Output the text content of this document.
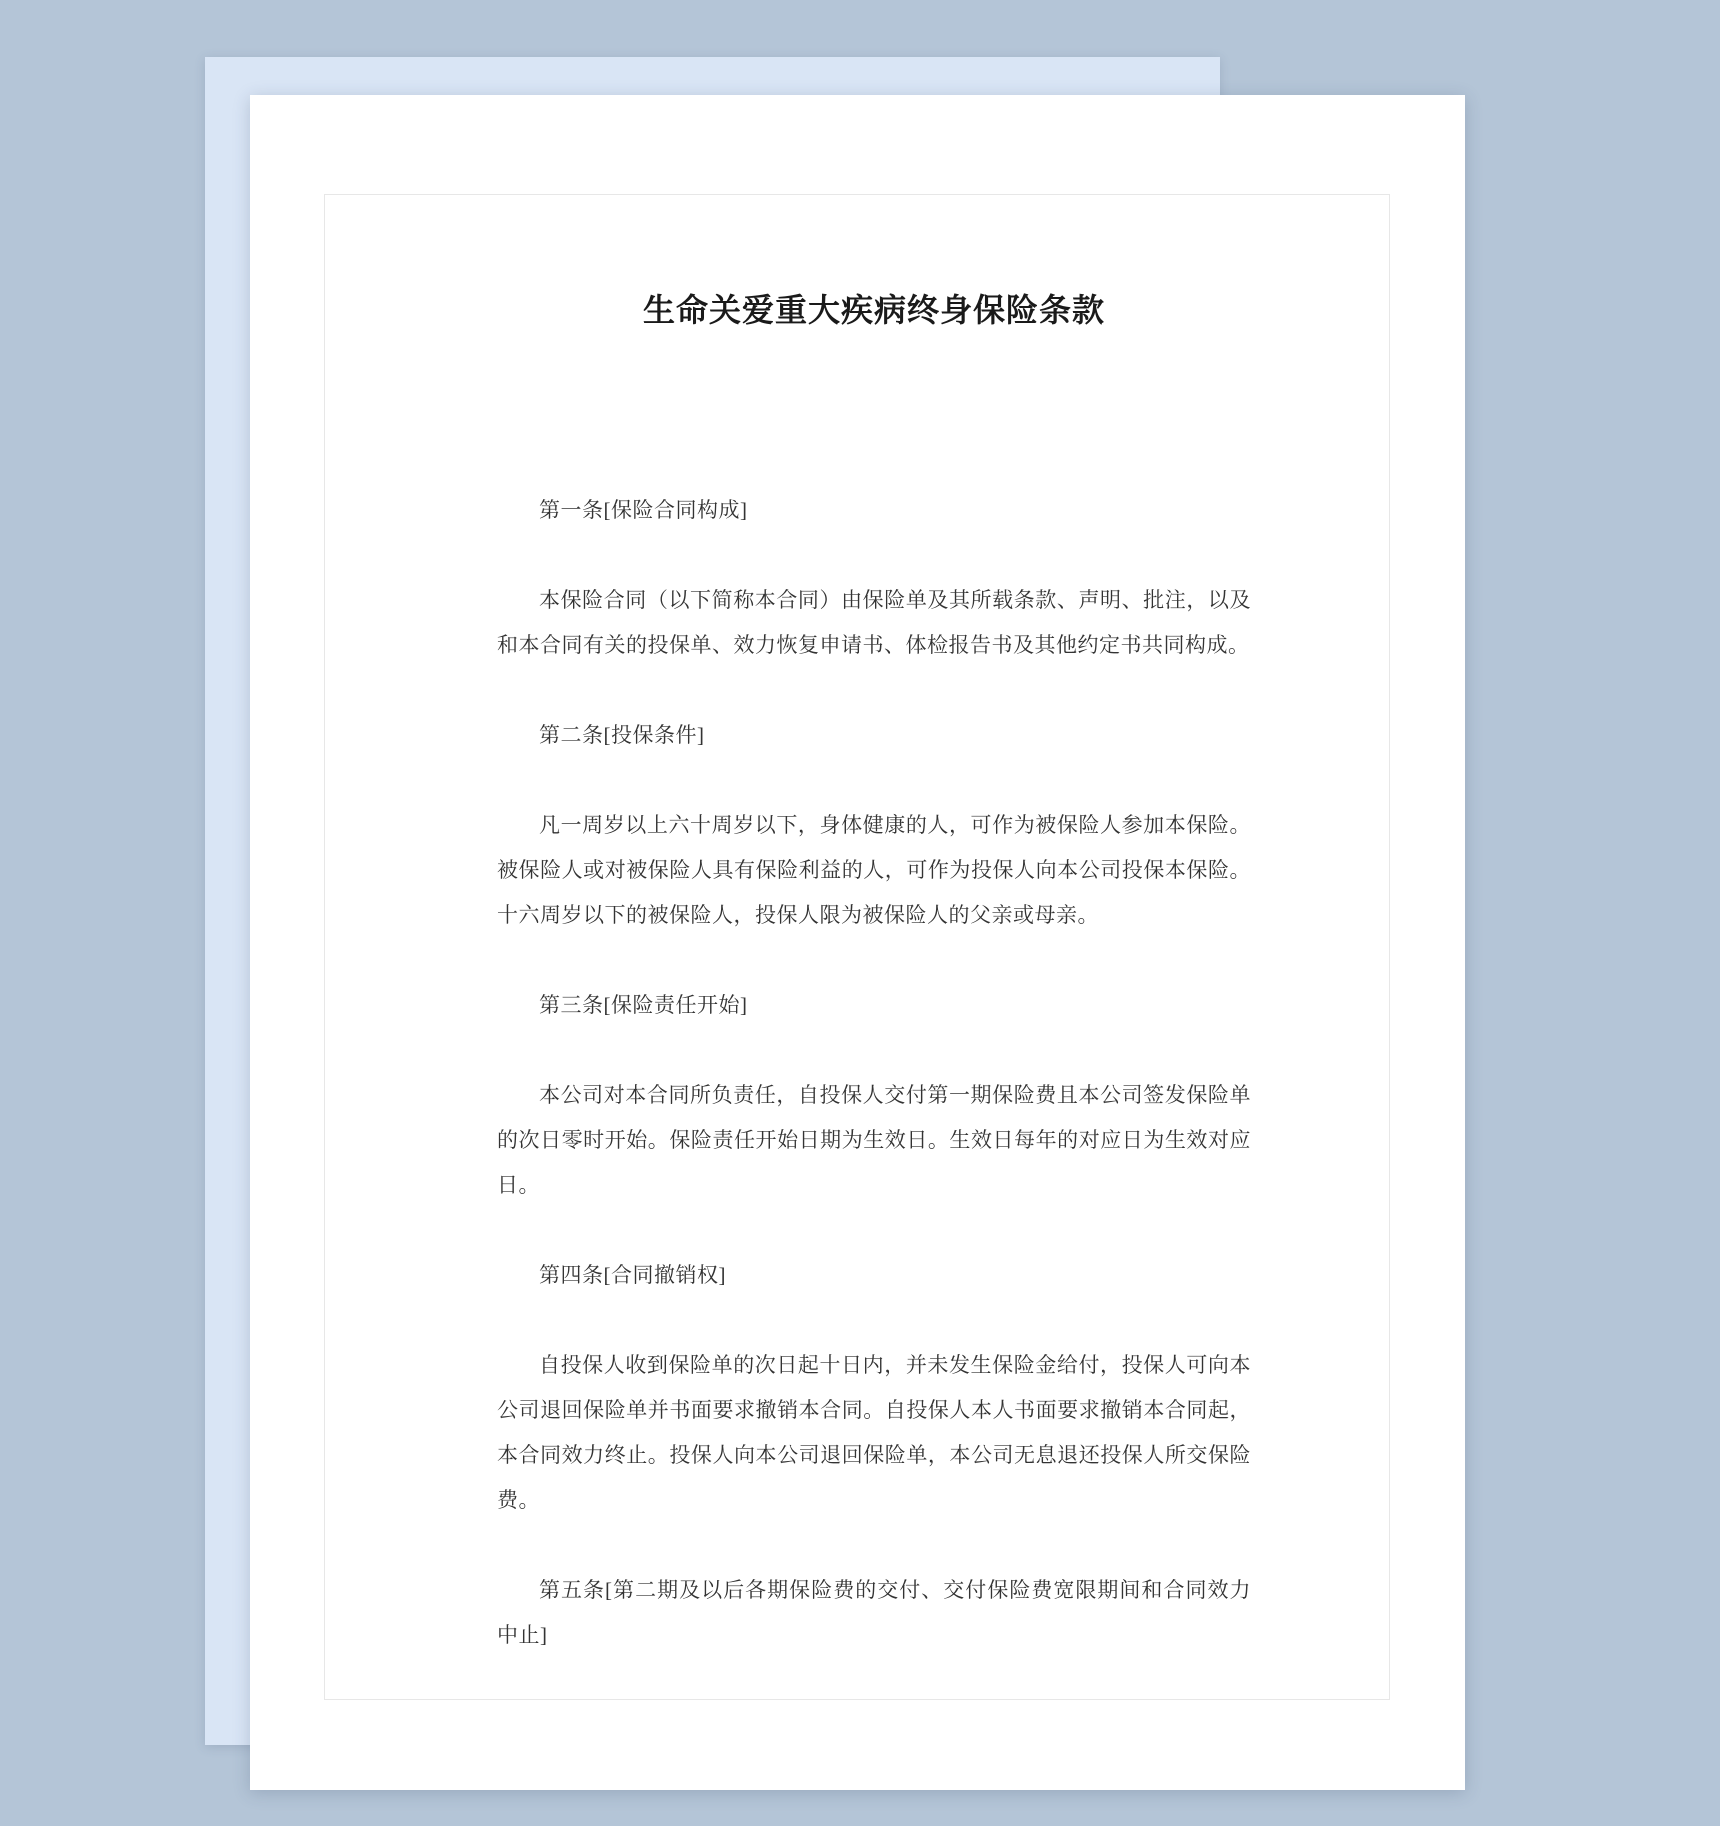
生命关爱重大疾病终身保险条款
第一条[保险合同构成]

本保险合同（以下简称本合同）由保险单及其所载条款、声明、批注，以及和本合同有关的投保单、效力恢复申请书、体检报告书及其他约定书共同构成。

第二条[投保条件]

凡一周岁以上六十周岁以下，身体健康的人，可作为被保险人参加本保险。被保险人或对被保险人具有保险利益的人，可作为投保人向本公司投保本保险。十六周岁以下的被保险人，投保人限为被保险人的父亲或母亲。

第三条[保险责任开始]

本公司对本合同所负责任，自投保人交付第一期保险费且本公司签发保险单的次日零时开始。保险责任开始日期为生效日。生效日每年的对应日为生效对应日。

第四条[合同撤销权]

自投保人收到保险单的次日起十日内，并未发生保险金给付，投保人可向本公司退回保险单并书面要求撤销本合同。自投保人本人书面要求撤销本合同起，本合同效力终止。投保人向本公司退回保险单，本公司无息退还投保人所交保险费。

第五条[第二期及以后各期保险费的交付、交付保险费宽限期间和合同效力中止]
